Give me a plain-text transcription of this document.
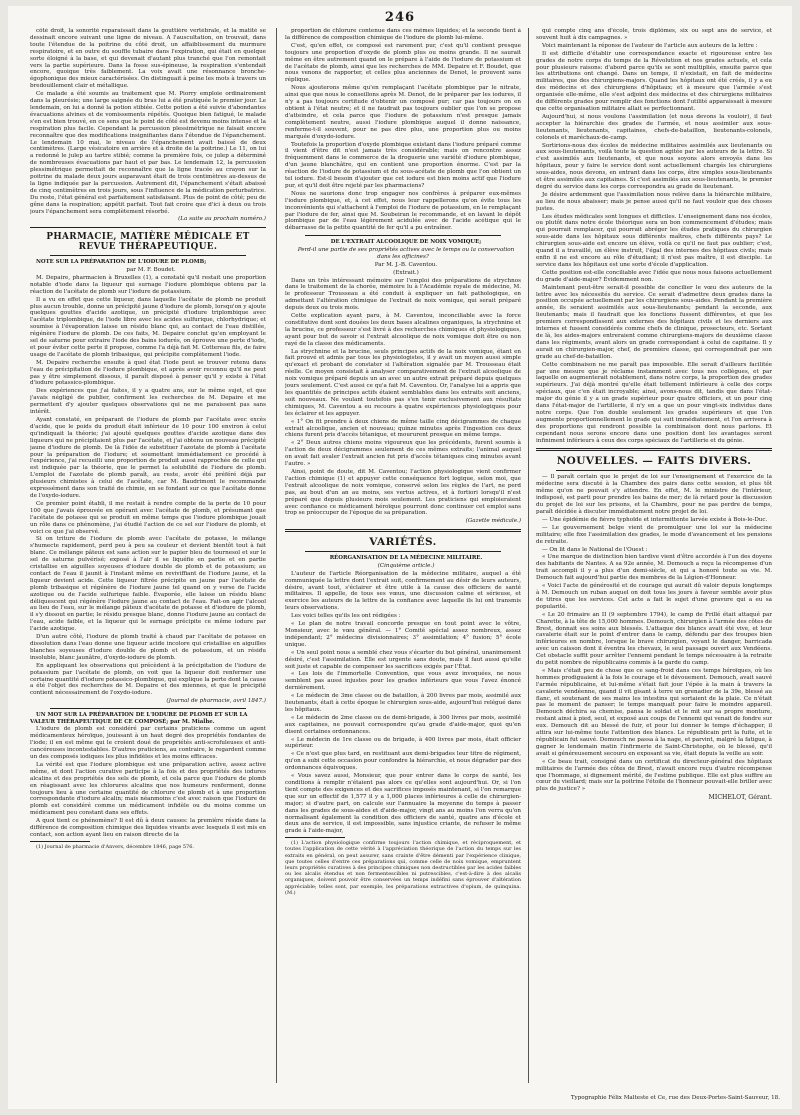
246

côté droit, la sonorité reparaissait dans la gouttière vertébrale, et la matité se dessinait encore suivant une ligne de niveau. A l'auscultation, on trouvait, dans toute l'étendue de la poitrine du côté droit, un affaiblissement du murmure respiratoire, et en outre du souffle tubaire dans l'expiration, qui était en quelque sorte éloigné à la base, et qui devenait d'autant plus tranché que l'on remontait vers la partie supérieure. Dans la fosse sus-épineuse, la respiration s'entendait encore, quoique très faiblement. La voix avait une résonnance bronche-égophonique des mieux caractérisées. On distinguait à peine les mots à travers un bredouillement clair et métallique.

Ce malade a été soumis au traitement que M. Piorry emploie ordinairement dans la pleurésie; une large saignée du bras lui a été pratiquée le premier jour. Le lendemain, on lui a donné la potion stibiée. Cette potion a été suivie d'abondantes évacuations alvines et de vomissements répétés. Quoique bien fatigué, le malade s'en est bien trouvé, en ce sens que le point de côté est devenu moins intense et la respiration plus facile. Cependant la percussion plessimétrique ne faisait encore reconnaître que des modifications insignifiantes dans l'étendue de l'épanchement. Le lendemain 10 mai, le niveau de l'épanchement avait baissé de deux centimètres. (Large vésicatoire en arrière et à droite de la poitrine.) Le 11, on lui a redonné le julep au tartre stibié; comme la première fois, ce julep a déterminé de nombreuses évacuations par haut et par bas. Le lendemain 12, la percussion plessimétrique permettait de reconnaître que la ligne tracée au crayon sur la poitrine du malade deux jours auparavant était de trois centimètres au-dessus de la ligne indiquée par la percussion. Autrement dit, l'épanchement s'était abaissé de cinq centimètres en trois jours, sous l'influence de la médication perturbatrice. Du reste, l'état général est parfaitement satisfaisant. Plus de point de côté; peu de gêne dans la respiration; appétit parfait. Tout fait croire que d'ici à deux ou trois jours l'épanchement sera complètement résorbé.

(La suite au prochain numéro.)

PHARMACIE, MATIÈRE MÉDICALE ET REVUE THÉRAPEUTIQUE.

NOTE SUR LA PRÉPARATION DE L'IODURE DE PLOMB;

par M. F. Boudet.

M. Depaire, pharmacien à Bruxelles (1), a constaté qu'il restait une proportion notable d'iode dans la liqueur qui surnage l'iodure plombique obtenu par la réaction de l'acétate de plomb sur l'iodure de potassium.

Il a vu en effet que cette liqueur, dans laquelle l'acétate de plomb ne produit plus aucun trouble, donne un précipité jaune d'iodure de plomb, lorsqu'on y ajoute quelques gouttes d'acide azotique, un précipité d'iodure triplombique avec l'acétate triplombique, de l'iode libre avec les acides sulfurique, chlorhydrique; et soumise à l'évaporation laisse un résidu blanc qui, au contact de l'eau distillée, régénère l'iodure de plomb. De ces faits, M. Depaire conclut qu'en employant le sel de saturne pour extraire l'iode des bains iodurés, on éprouve une perte d'iode, et pour éviter cette perte il propose, comme l'a déjà fait M. Cottereau fils, de faire usage de l'acétate de plomb tribasique, qui précipite complètement l'iode.

M. Depaire recherche ensuite à quel état l'iode peut se trouver retenu dans l'eau de précipitation de l'iodure plombique, et après avoir reconnu qu'il ne peut pas y être simplement dissous, il paraît disposé à penser qu'il y existe à l'état d'iodure potassico-plombique.

Des expériences que j'ai faites, il y a quatre ans, sur le même sujet, et que j'avais négligé de publier, confirment les recherches de M. Depaire et me permettent d'y ajouter quelques observations qui ne me paraissent pas sans intérêt.

Ayant constaté, en préparant de l'iodure de plomb par l'acétate avec excès d'acide, que le poids du produit était inférieur de 10 pour 100 environ à celui qu'indiquait la théorie; j'ai ajouté quelques gouttes d'acide azotique dans des liqueurs qui ne précipitaient plus par l'acétate, et j'ai obtenu un nouveau précipité jaune d'iodure de plomb. De là l'idée de substituer l'azotate de plomb à l'acétate pour la préparation de l'iodure; et soumettant immédiatement ce procédé à l'expérience, j'ai recueilli une proportion de produit aussi rapprochée de celle qui est indiquée par la théorie, que le permet la solubilité de l'iodure de plomb. L'emploi de l'azotate de plomb paraît, au reste, avoir été préféré déjà par plusieurs chimistes à celui de l'acétate, car M. Baudrimont le recommande expressément dans son traité de chimie, en se fondant sur ce que l'acétate donne de l'oxydo-iodure.

Ce premier point établi, il me restait à rendre compte de la perte de 10 pour 100 que j'avais éprouvée en opérant avec l'acétate de plomb, et présumant que l'acétate de potasse qui se produit en même temps que l'iodure plombique jouait un rôle dans ce phénomène, j'ai étudié l'action de ce sel sur l'iodure de plomb, et voici ce que j'ai observé.

Si on triture de l'iodure de plomb avec l'acétate de potasse, le mélange s'humecte rapidement, perd peu à peu sa couleur et devient bientôt tout à fait blanc. Ce mélange pâteux est sans action sur le papier bleu de tournesol et sur le sel de saturne pulvérisé; exposé à l'air il se liquéfie en partie et en partie cristallise en aiguilles soyeuses d'iodure double de plomb et de potassium; au contact de l'eau il jaunit à l'instant même en reviviffiant de l'iodure jaune, et la liqueur devient acide. Cette liqueur filtrée précipite en jaune par l'acétate de plomb tribasique et régénère de l'iodure jaune tel quand on y verse de l'acide azotique ou de l'acide sulfurique faible. Évaporée, elle laisse un résidu blanc déliquescent qui régénère l'iodure jaune au contact de l'eau. Fait-on agir l'alcool au lieu de l'eau, sur le mélange pâteux d'acétate de potasse et d'iodure de plomb, il s'y dissout en partie; le résidu presque blanc, donne l'iodure jaune au contact de l'eau, acide faible, et la liqueur qui le surnage précipite ce même iodure par l'acide azotique.

D'un autre côté, l'iodure de plomb traité à chaud par l'acétate de potasse en dissolution dans l'eau donne une liqueur acide incolore qui cristallise en aiguilles blanches soyeuses d'iodure double de plomb et de potassium, et un résidu insoluble, blanc jaunâtre, d'oxydo-iodure de plomb.

En appliquant les observations qui précèdent à la précipitation de l'iodure de potassium par l'acétate de plomb, on voit que la liqueur doit renfermer une certaine quantité d'iodure potassico-plombique, qui explique la perte dont la cause a été l'objet des recherches de M. Depaire et des miennes, et que le précipité contient nécessairement de l'oxydo-iodure.

(Journal de pharmacie, avril 1847.)

UN MOT SUR LA PRÉPARATION DE L'IODURE DE PLOMB ET SUR LA VALEUR THÉRAPEUTIQUE DE CE COMPOSÉ; par M. Mialhe.

L'iodure de plomb est considéré par certains praticiens comme un agent médicamenteux héroïque, jouissant à un haut degré des propriétés fondantes de l'iode; il en est même qui le croient doué de propriétés anti-scrofuleuses et anti-cancéreuses incontestables. D'autres praticiens, au contraire, le regardent comme un des composés iodiques les plus infidèles et les moins efficaces.

La vérité est que l'iodure plombique est une préparation active, assez active même, et dont l'action curative participe à la fois et des propriétés des iodures alcalins et des propriétés des sels de plomb, et cela parce que l'iodure de plomb en réagissant avec les chlorures alcalins que nos humeurs renferment, donne toujours lieu à une certaine quantité de chlorure de plomb et à une proportion correspondante d'iodure alcalin; mais néanmoins c'est avec raison que l'iodure de plomb est considéré comme un médicament infidèle ou du moins comme un médicament peu constant dans ses effets.

A quoi tient ce phénomène? Il est dû à deux causes: la première réside dans la différence de composition chimique des liquides vivants avec lesquels il est mis en contact, son action ayant lieu en raison directe de la

(1) Journal de pharmacie d'Anvers, décembre 1846, page 576.

proportion de chlorure contenue dans ces mêmes liquides; et la seconde tient à la différence de composition chimique de l'iodure de plomb lui-même.

C'est, qu'en effet, ce composé est rarement pur, c'est qu'il contient presque toujours une proportion d'oxyde de plomb plus ou moins grande. Il ne saurait même en être autrement quand on le prépare à l'aide de l'iodure de potassium et de l'acétate de plomb, ainsi que les recherches de MM. Depaire et F. Boudet, que nous venons de rapporter, et celles plus anciennes de Denot, le prouvent sans réplique.

Nous ajouterons même qu'en remplaçant l'acétate plombique par le nitrate, ainsi que que nous le conseillons après M. Denot, de le préparer par les iodures, il n'y a pas toujours certitude d'obtenir un composé pur; car pas toujours on en obtient à l'état neutre; et il ne faudrait pas toujours oublier que l'on se propose d'atteindre, et cela parce que l'iodure de potassium n'est presque jamais complètement neutre, aussi l'iodure plombique auquel il donne naissance, renferme-t-il souvent, pour ne pas dire plus, une proportion plus ou moins marquée d'oxydo-iodure.

Toutefois la proportion d'oxyde plombique existant dans l'iodure préparé comme il vient d'être dit n'est jamais très considérable; mais on rencontre assez fréquemment dans le commerce de la droguerie une variété d'iodure plombique, d'un jaune blanchâtre, qui en contient une proportion énorme. C'est par la réaction de l'iodure de potassium et du sous-acétate de plomb que l'on obtient un tel iodure. Est-il besoin d'ajouter que cet iodure est bien moins actif que l'iodure pur, et qu'il doit être rejeté par les pharmaciens?

Nous ne saurions donc trop engager nos confrères à préparer eux-mêmes l'iodure plombique, et, à cet effet, nous leur rappellerons qu'on évite tous les inconvénients qui s'attachent à l'emploi de l'iodure de potassium, en le remplaçant par l'iodure de fer, ainsi que M. Soubeiran le recommande, et en lavant le dépôt plombique par de l'eau légèrement acidulée avec de l'acide acétique qui le débarrasse de la petite quantité de fer qu'il a pu entraîner.

DE L'EXTRAIT ALCOOLIQUE DE NOIX VOMIQUE;

Perd-il une partie de ses propriétés actives avec le temps ou la conservation dans les officines?

Par M. J.-B. Caventou.

(Extrait.)

Dans un très intéressant mémoire sur l'emploi des préparations de strychnos dans le traitement de la chorée, mémoire lu à l'Académie royale de médecine, M. le professeur Trousseau a été conduit à expliquer un fait pathologique, en admettant l'altération chimique de l'extrait de noix vomique, qui serait préparé depuis deux ou trois mois.

Cette explication ayant paru, à M. Caventou, inconciliable avec la force constitutive dont sont douées les deux bases alcalines organiques, la strychnine et la brucine, ce professeur s'est livré à des recherches chimiques et physiologiques, ayant pour but de savoir si l'extrait alcoolique de noix vomique doit être ou non rayé de la classe des médicaments.

La strychnine et la brucine, seuls principes actifs de la noix vomique, étant en fait prouvé et admis par tous les physiologistes, il y avait un moyen aussi simple qu'exact et probant de constater si l'altération signalée par M. Trousseau était réelle. Ce moyen consistait à analyser comparativement de l'extrait alcoolique de noix vomique préparé depuis un an avec un autre extrait préparé depuis quelques jours seulement. C'est aussi ce qu'a fait M. Caventou. Or, l'analyse lui a appris que les quantités de principes actifs étaient semblables dans les extraits soit anciens, soit nouveaux. Ne voulant toutefois pas s'en tenir exclusivement aux résultats chimiques, M. Caventou a eu recours à quatre expériences physiologiques pour les éclairer et les appuyer.

« 1° On fit prendre à deux chiens de même taille cinq décigrammes de chaque extrait alcoolique, ancien et nouveau; quinze minutes après l'ingestion ces deux chiens furent pris d'accès tétanique, et moururent presque en même temps.

« 2° Deux autres chiens moins vigoureux que les précédents, furent soumis à l'action de deux décigrammes seulement de ces mêmes extraits; l'animal auquel on avait fait avaler l'extrait ancien fut pris d'accès tétaniques cinq minutes avant l'autre. »

Ainsi, point de doute, dit M. Caventou; l'action physiologique vient confirmer l'action chimique (1) et appuyer cette conséquence fort logique, selon moi, que l'extrait alcoolique de noix vomique, conservé selon les règles de l'art, ne perd pas, au bout d'un an au moins, ses vertus actives, et à fortiori lorsqu'il n'est préparé que depuis plusieurs mois seulement. Les praticiens qui emploieraient avec confiance ce médicament héroïque pourront donc continuer cet emploi sans trop se préoccuper de l'époque de sa préparation.

(Gazette médicale.)

VARIÉTÉS.

RÉORGANISATION DE LA MÉDECINE MILITAIRE.

(Cinquième article.)

L'auteur de l'article Réorganisation de la médecine militaire, auquel a été communiquée la lettre dont l'extrait suit, confirmement au désir de leurs auteurs, désire, avant tout, s'éclairer et être utile à la cause des officiers de santé militaires. Il appelle, de tous ses vœux, une discussion calme et sérieuse, et exercice les auteurs de la lettre de la confiance avec laquelle ils lui ont transmis leurs observations.

Les voici telles qu'ils les ont rédigées :

« Le plan de notre travail concorde presque en tout point avec le vôtre, Monsieur, avec le vœu général. — 1° Comité spécial assez nombreux, assez indépendant; 2° médecins divisionnaires; 3° assimilation; 4° fusion; 5° école unique.

« Un seul point nous a semblé chez vous s'écarter du but général, unanimement désiré, c'est l'assimilation. Elle est urgente sans doute, mais il faut aussi qu'elle soit juste et capable de compenser les sacrifices exigés par l'État.

« Les lois de l'immortelle Convention, que vous avez invoquées, ne nous semblent pas aussi injustes pour les grades inférieurs que vous l'avez énoncé dernièrement.

« Le médecin de 3me classe ou de bataillon, à 200 livres par mois, assimilé aux lieutenants, était à cette époque le chirurgien sous-aide, aujourd'hui relégué dans les hôpitaux.

« Le médecin de 2me classe ou de demi-brigade, à 300 livres par mois, assimilé aux capitaines, ne pouvait correspondre qu'au grade d'aide-major, quoi qu'en disent certaines ordonnances.

« Le médecin de 1re classe ou de brigade, à 400 livres par mois, était officier supérieur.

« Ce n'est que plus tard, en restituant aux demi-brigades leur titre de régiment, qu'on a subi cette occasion pour confondre la hiérarchie, et nous dégrader par des ordonnances équivoques.

« Vous savez aussi, Monsieur, que pour entrer dans le corps de santé, les conditions à remplir n'étaient pas alors ce qu'elles sont aujourd'hui. Or, si l'on tient compte des exigences et des sacrifices imposés maintenant, si l'on remarque que sur un effectif de 1,577 il y a 1,000 places inférieures à celle de chirurgien-major; si d'autre part, on calcule sur l'annuaire la moyenne du temps à passer dans les grades de sous-aides et d'aide-major, vingt ans au moins l'on verra qu'on normalisant également la condition des officiers de santé, quatre ans d'école et deux ans de service, il est impossible, sans injustice criante, de refuser le même grade à l'aide-major,

(1) L'action physiologique confirme toujours l'action chimique, et réciproquement, et toutes l'application de cette vérité à l'appréciation théorique de l'action du temps sur les extraits en général, on peut assurer, sans crainte d'être démenti par l'expérience clinique, que toutes celles d'entre ces préparations qui, comme celle de noix vomique, empruntent leurs propriétés curatives à des principes chimiques non destructibles par les acides faibles ou les alcalis étendus et non fermentescibles ni putrescibles, c'est-à-dire à des alcalis organiques, doivent pouvoir être conservées un temps indéfini sans éprouver d'altération appréciable; telles sont, par exemple, les préparations extractives d'opium, de quinquina. (M.)

qui compte cinq ans d'école, trois diplômes, six ou sept ans de service, et souvent huit à dix campagnes. »

Voici maintenant la réponse de l'auteur de l'article aux auteurs de la lettre :

Il est difficile d'établir une correspondance exacte et rigoureuse entre les grades de notre corps du temps de la Révolution et nos grades actuels, et cela pour plusieurs raisons: d'abord parce qu'ils se sont multipliés, ensuite parce que les attributions ont changé. Dans un temps, il n'existait, en fait de médecins militaires, que des chirurgiens-majors. Quand les hôpitaux ont été créés, il y a eu des médecins et des chirurgiens d'hôpitaux; et à mesure que l'armée s'est organisée elle-même, elle s'est adjoint des médecins et des chirurgiens militaires de différents grades pour remplir des fonctions dont l'utilité apparaissait à mesure que cette organisation militaire allait se perfectionnant.

Aujourd'hui, si nous voulons l'assimilation (et nous devons la vouloir), il faut accepter la hiérarchie des grades de l'armée, et nous assimiler aux sous-lieutenants, lieutenants, capitaines, chefs-de-bataillon, lieutenants-colonels, colonels et maréchaux-de-camp.

Sortirions-nous des écoles de médecine militaires assimilés aux lieutenants ou aux sous-lieutenants, voilà toute la question agitée par les auteurs de la lettre. Si c'est assimilés aux lieutenants, et que nous soyons alors envoyés dans les hôpitaux, pour y faire le service dont sont actuellement chargés les chirurgiens sous-aides, nous devons, en entrant dans les corps, être simples sous-lieutenants et être assimilés aux capitaines. Si c'est assimilés aux sous-lieutenants, le premier degré du service dans les corps correspondra au grade de lieutenant.

Je désire ardemment que l'assimilation nous relève dans la hiérarchie militaire, au lieu de nous abaisser; mais je pense aussi qu'il ne faut vouloir que des choses justes.

Les études médicales sont longues et difficiles. L'enseignement dans nos écoles, ou plutôt dans notre école théorique sera un bon commencement d'études; mais qui pourrait remplacer, qui pourrait abréger les études pratiques du chirurgien sous-aide dans les hôpitaux sous différents maîtres, chefs différents pays? Le chirurgien sous-aide est encore un élève, voilà ce qu'il ne faut pas oublier; c'est, quand il a travaillé, un élève instruit, l'égal des internes des hôpitaux civils; mais enfin il ne est encore au rôle d'étudiant; il n'est pas maître, il est disciple. Le service dans les hôpitaux est une sorte d'école d'application.

Cette position est-elle conciliable avec l'idée que nous nous faisons actuellement du grade d'aide-major? Évidemment non.

Maintenant peut-être serait-il possible de concilier le vœu des auteurs de la lettre avec les nécessités du service. Ce serait d'admettre deux grades dans la position occupée actuellement par les chirurgiens sous-aides. Pendant la première année, ils seraient assimilés aux sous-lieutenants; pendant la seconde, aux lieutenants; mais il faudrait que les fonctions fussent différentes, et que les premiers correspondissent aux externes des hôpitaux civils et les derniers aux internes et fussent considérés comme chefs de clinique, prosecteurs, etc. Sortant de là, les aides-majors entreraient comme chirurgiens-majors de deuxième classe dans les régiments, avant alors un grade correspondant à celui de capitaine. Il y aurait un chirurgien-major, chef, de première classe, qui correspondrait par son grade au chef-de-bataillon.

Cette combinaison ne me paraît pas impossible. Elle serait d'ailleurs facilitée par une mesure que je réclame instamment avec tous nos collègues, et par laquelle on augmenterait notablement, dans notre corps, la proportion des grades supérieurs. J'ai déjà montré qu'elle était tellement inférieure à celle des corps spéciaux, que c'en était incroyable; ainsi, avons-nous dit, tandis que dans l'état-major du génie il y a un grade supérieur pour quatre officiers, et un pour cinq dans l'état-major de l'artillerie, il n'y en a que un pour vingt-six individus dans notre corps. Que l'on double seulement les grades supérieurs et que l'on augmente proportionnellement le grade qui suit immédiatement, et l'on arrivera à des proportions qui rendront possible la combinaison dont nous parlons. Et cependant nous serons encore dans une position dont les avantages seront infiniment inférieurs à ceux des corps spéciaux de l'artillerie et du génie.

NOUVELLES. — FAITS DIVERS.

— Il paraît certain que le projet de loi sur l'enseignement et l'exercice de la médecine sera discuté à la Chambre des pairs dans cette session, et plus tôt même qu'on ne pouvait s'y attendre. En effet, M. le ministre de l'intérieur, indisposé, est parti pour prendre les bains de mer; de là retard pour la discussion du projet de loi sur les prisons, et la Chambre, pour ne pas perdre de temps, paraît décidée à discuter immédiatement notre projet de loi.

— Une épidémie de fièvre typhoïde et intermittente larvée existe à Bois-le-Duc.

— Le gouvernement belge vient de promulguer une loi sur la médecine militaire; elle fixe l'assimilation des grades, le mode d'avancement et les pensions de retraite.

— On lit dans le National de l'Ouest :

« Une marque de distinction bien tardive vient d'être accordée à l'un des doyens des habitants de Nantes. A sa 92e année, M. Demouch a reçu la récompense d'un trait accompli il y a plus d'un demi-siècle, et qui a honoré toute sa vie. M. Demouch fait aujourd'hui partie des membres de la Légion-d'Honneur.

« Voici l'acte de générosité et de courage qui aurait dû valoir depuis longtemps à M. Demouch un ruban auquel on doit tous les jours à faveur semble avoir plus de titres que les services. Cet acte a fait le sujet d'une gravure qui a eu sa popularité.

« Le 20 frimaire an II (9 septembre 1794), le camp de Frillé était attaqué par Charette, à la tête de 15,000 hommes. Demouch, chirurgien à l'armée des côtes de Brest, donnait ses soins aux blessés. L'attaque des blancs avait été vive, et leur cavalerie était sur le point d'entrer dans le camp, défendu par des troupes bien inférieures en nombre, lorsque le brave chirurgien, voyant le danger, barricada avec un caisson dont il éventra les chevaux, le seul passage ouvert aux Vendéens. Cet obstacle suffit pour arrêter l'ennemi pendant le temps nécessaire à la retraite du petit nombre de républicains commis à la garde du camp.

« Mais c'était peu de chose que ce sang-froid dans ces temps héroïques, où les hommes prodiguaient à la fois le courage et le dévouement. Demouch, avait sauvé l'armée républicaine, et lui-même s'était fait jour l'épée à la main à travers la cavalerie vendéenne, quand il vit gisant à terre un grenadier de la 39e, blessé au flanc, et soutenant de ses mains les intestins qui sortaient de la plaie. Ce n'était pas le moment de panser; le temps manquait pour faire le moindre appareil. Demouch déchira sa chemise, pansa le soldat et le mit sur sa propre monture, restant ainsi à pied, seul, et exposé aux coups de l'ennemi qui venait de fondre sur eux. Demouch dit au blessé de fuir, et pour lui donner le temps d'échapper, il attira sur lui-même toute l'attention des blancs. Le républicain prit la fuite, et le républicain fut sauvé. Demouch ne passa à la nage, et parvint, malgré la fatigue, à gagner le lendemain matin l'infirmerie de Saint-Christophe, où le blessé, qu'il avait si généreusement secouru en exposant sa vie, était depuis la veille au soir.

« Ce beau trait, consigné dans un certificat du directeur-général des hôpitaux militaires de l'armée des côtes de Brest, n'avait encore reçu d'autre récompense que l'hommage, si dignement mérité, de l'estime publique. Elle est plus suffire au cœur du vieillard; mais sur la poitrine l'étoile de l'honneur pouvait-elle briller avec plus de justice? »

MICHELOT, Gérant.
Typographie Félix Malteste et Ce, rue des Deux-Portes-Saint-Sauveur, 18.
